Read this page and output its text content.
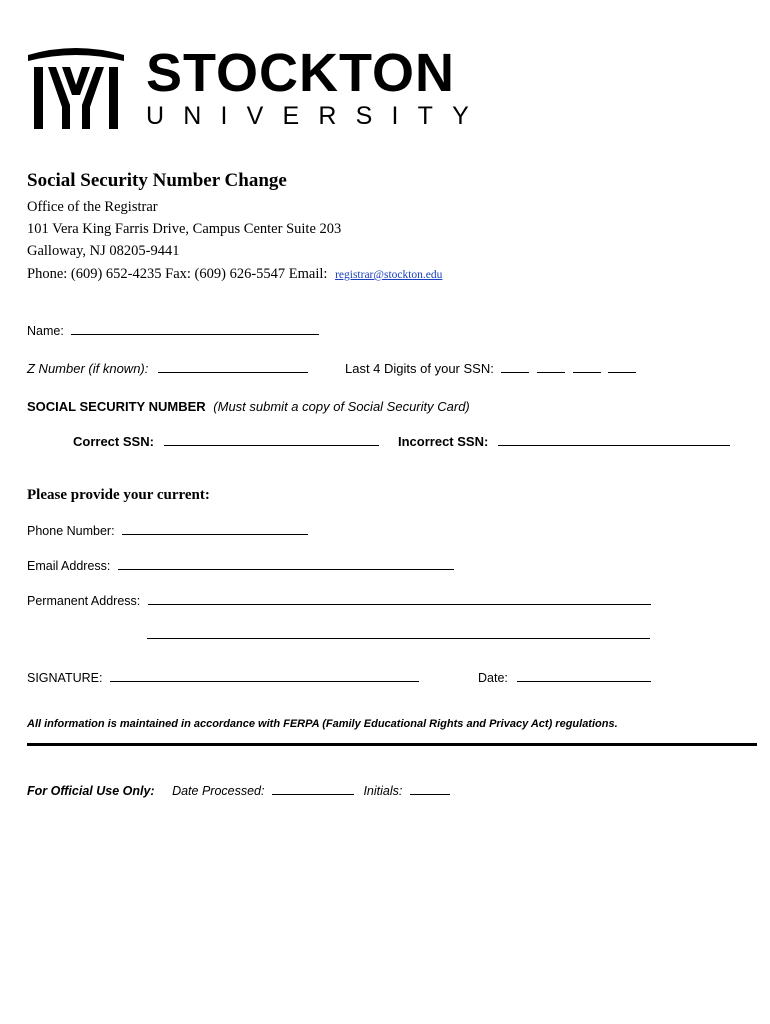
STOCKTON
UNIVERSITY
Social Security Number Change
Office of the Registrar
101 Vera King Farris Drive, Campus Center Suite 203
Galloway, NJ 08205-9441
Phone: (609) 652-4235 Fax: (609) 626-5547 Email: registrar@stockton.edu
Name:
Z Number (if known):	Last 4 Digits of your SSN:
SOCIAL SECURITY NUMBER (Must submit a copy of Social Security Card)
Correct SSN:	Incorrect SSN:
Please provide your current:
Phone Number:
Email Address:
Permanent Address:
SIGNATURE:	Date:
All information is maintained in accordance with FERPA (Family Educational Rights and Privacy Act) regulations.
For Official Use Only: Date Processed:	Initials:
